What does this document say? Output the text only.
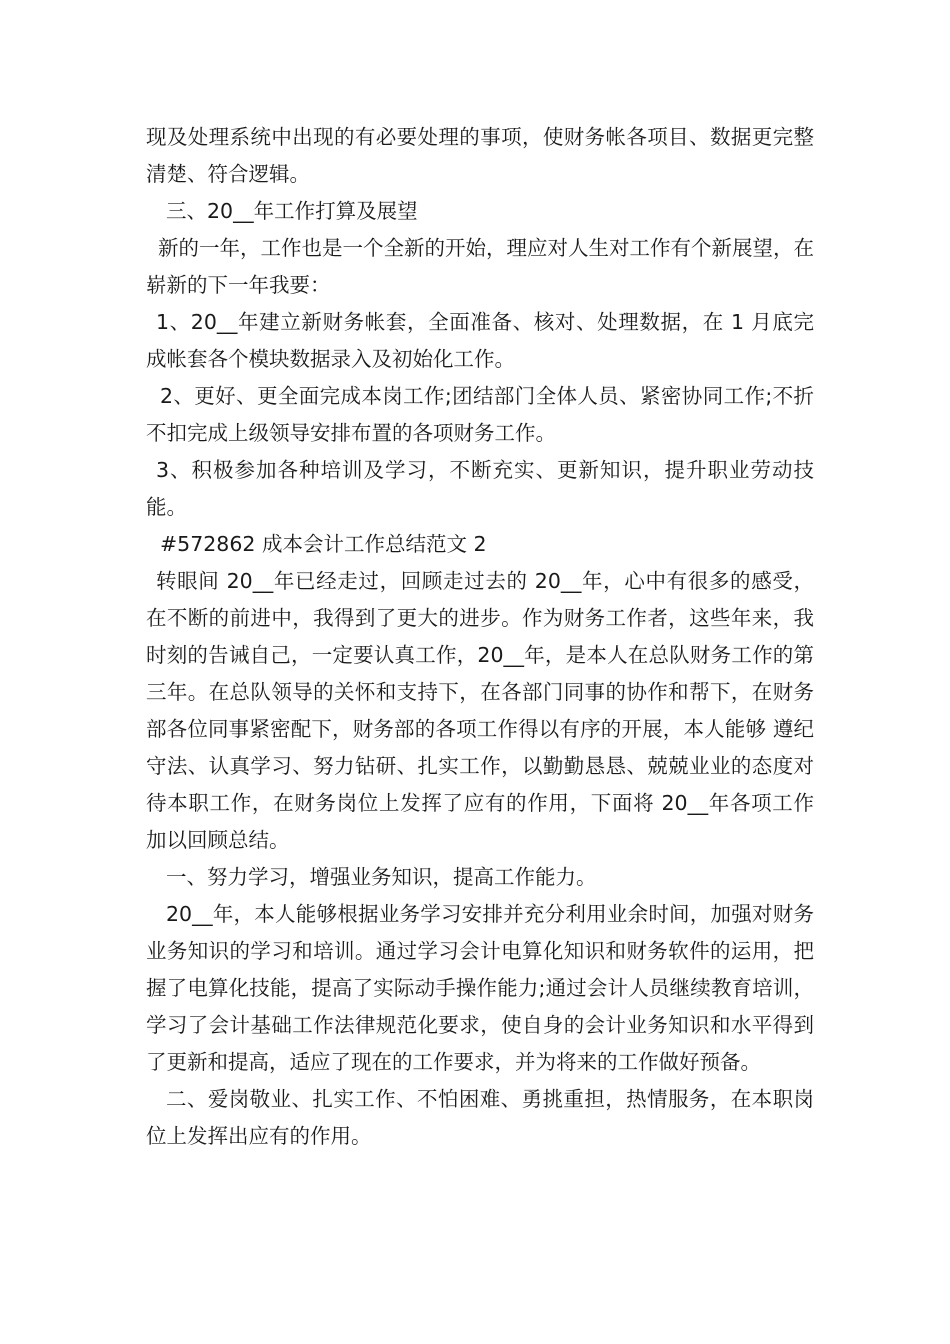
现及处理系统中出现的有必要处理的事项，使财务帐各项目、数据更完整清楚、符合逻辑。

三、20__年工作打算及展望

新的一年，工作也是一个全新的开始，理应对人生对工作有个新展望，在崭新的下一年我要：

1、20__年建立新财务帐套，全面准备、核对、处理数据，在 1 月底完成帐套各个模块数据录入及初始化工作。

2、更好、更全面完成本岗工作;团结部门全体人员、紧密协同工作;不折不扣完成上级领导安排布置的各项财务工作。

3、积极参加各种培训及学习，不断充实、更新知识，提升职业劳动技能。

#572862 成本会计工作总结范文 2

转眼间 20__年已经走过，回顾走过去的 20__年，心中有很多的感受，在不断的前进中，我得到了更大的进步。作为财务工作者，这些年来，我时刻的告诫自己，一定要认真工作，20__年，是本人在总队财务工作的第三年。在总队领导的关怀和支持下，在各部门同事的协作和帮下，在财务部各位同事紧密配下，财务部的各项工作得以有序的开展，本人能够 遵纪守法、认真学习、努力钻研、扎实工作，以勤勤恳恳、兢兢业业的态度对待本职工作，在财务岗位上发挥了应有的作用，下面将 20__年各项工作加以回顾总结。

一、努力学习，增强业务知识，提高工作能力。

20__年，本人能够根据业务学习安排并充分利用业余时间，加强对财务业务知识的学习和培训。通过学习会计电算化知识和财务软件的运用，把握了电算化技能，提高了实际动手操作能力;通过会计人员继续教育培训，学习了会计基础工作法律规范化要求，使自身的会计业务知识和水平得到了更新和提高，适应了现在的工作要求，并为将来的工作做好预备。

二、爱岗敬业、扎实工作、不怕困难、勇挑重担，热情服务，在本职岗位上发挥出应有的作用。
